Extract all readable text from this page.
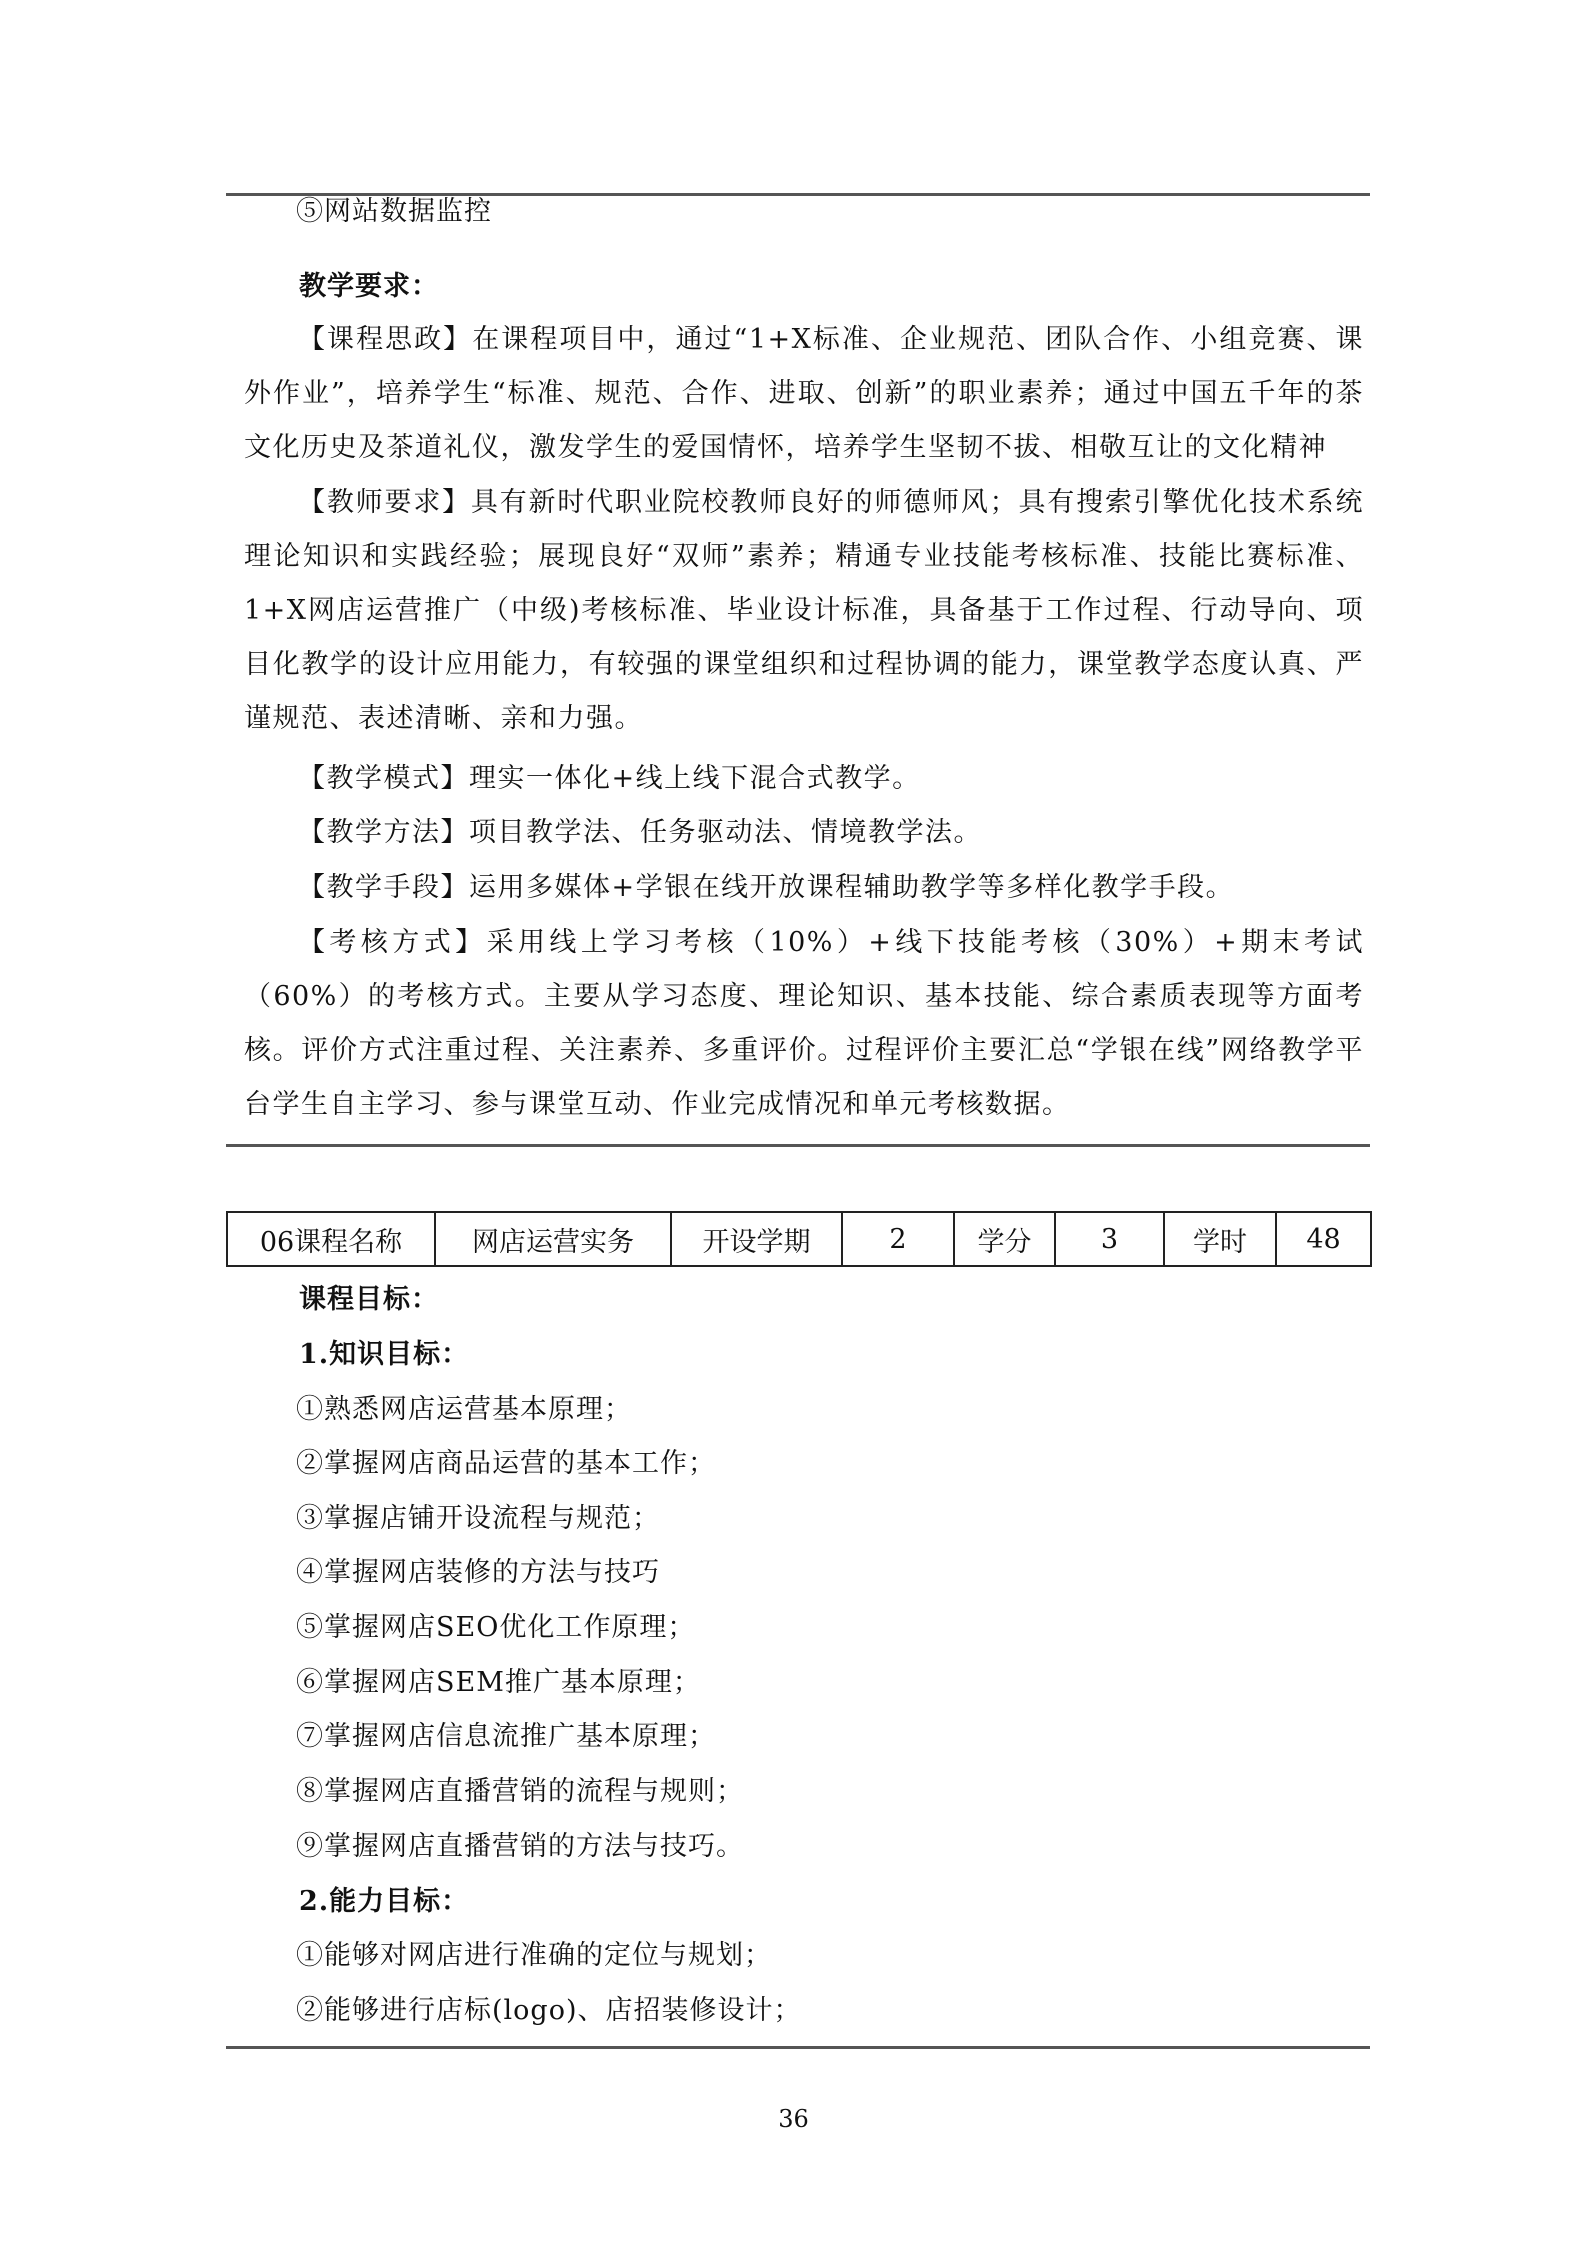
⑤网站数据监控
教学要求：
【课程思政】在课程项目中，通过“1+X标准、企业规范、团队合作、小组竞赛、课外作业”，培养学生“标准、规范、合作、进取、创新”的职业素养；通过中国五千年的茶文化历史及茶道礼仪，激发学生的爱国情怀，培养学生坚韧不拔、相敬互让的文化精神
【教师要求】具有新时代职业院校教师良好的师德师风；具有搜索引擎优化技术系统理论知识和实践经验；展现良好“双师”素养；精通专业技能考核标准、技能比赛标准、1+X网店运营推广（中级)考核标准、毕业设计标准，具备基于工作过程、行动导向、项目化教学的设计应用能力，有较强的课堂组织和过程协调的能力，课堂教学态度认真、严谨规范、表述清晰、亲和力强。
【教学模式】理实一体化+线上线下混合式教学。
【教学方法】项目教学法、任务驱动法、情境教学法。
【教学手段】运用多媒体+学银在线开放课程辅助教学等多样化教学手段。
【考核方式】采用线上学习考核（10%）+线下技能考核（30%）+期末考试（60%）的考核方式。主要从学习态度、理论知识、基本技能、综合素质表现等方面考核。评价方式注重过程、关注素养、多重评价。过程评价主要汇总“学银在线”网络教学平台学生自主学习、参与课堂互动、作业完成情况和单元考核数据。
06课程名称	网店运营实务	开设学期	2	学分	3	学时	48
课程目标：
1.知识目标：
①熟悉网店运营基本原理；
②掌握网店商品运营的基本工作；
③掌握店铺开设流程与规范；
④掌握网店装修的方法与技巧
⑤掌握网店SEO优化工作原理；
⑥掌握网店SEM推广基本原理；
⑦掌握网店信息流推广基本原理；
⑧掌握网店直播营销的流程与规则；
⑨掌握网店直播营销的方法与技巧。
2.能力目标：
①能够对网店进行准确的定位与规划；
②能够进行店标(logo)、店招装修设计；
36
